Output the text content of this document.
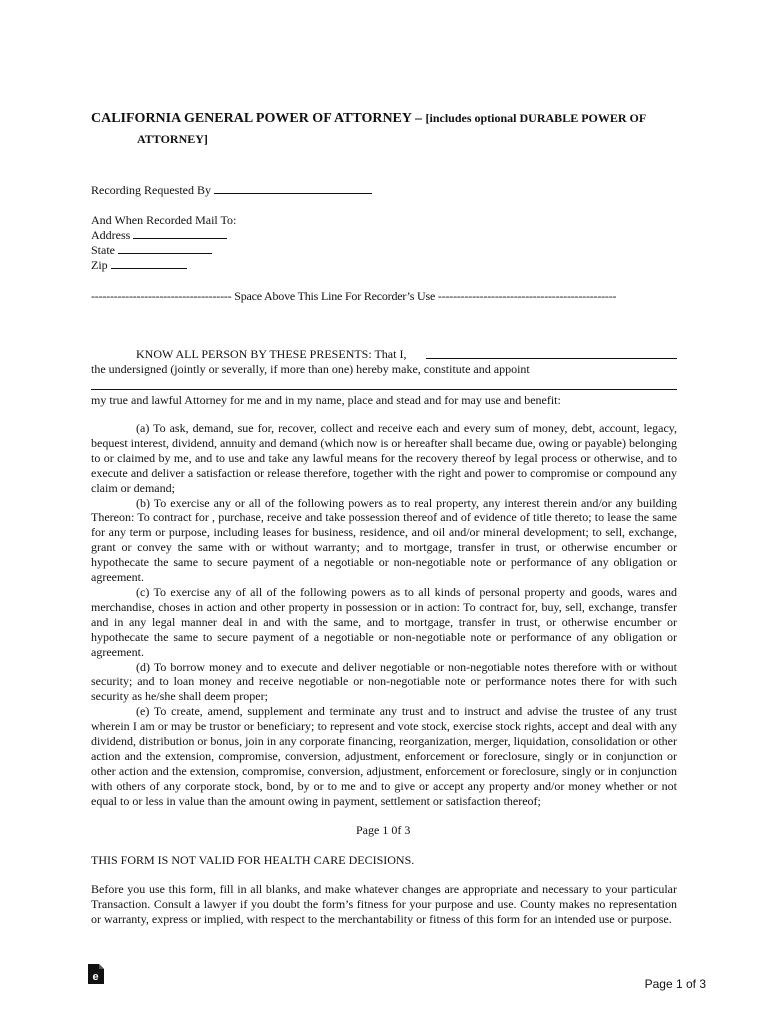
CALIFORNIA GENERAL POWER OF ATTORNEY – [includes optional DURABLE POWER OF
ATTORNEY]
Recording Requested By
And When Recorded Mail To:
Address
State
Zip
------------------------------------- Space Above This Line For Recorder’s Use -----------------------------------------------
KNOW ALL PERSON BY THESE PRESENTS: That I,
the undersigned (jointly or severally, if more than one) hereby make, constitute and appoint
my true and lawful Attorney for me and in my name, place and stead and for may use and benefit:

(a) To ask, demand, sue for, recover, collect and receive each and every sum of money, debt, account, legacy, bequest interest, dividend, annuity and demand (which now is or hereafter shall became due, owing or payable) belonging to or claimed by me, and to use and take any lawful means for the recovery thereof by legal process or otherwise, and to execute and deliver a satisfaction or release therefore, together with the right and power to compromise or compound any claim or demand;

(b) To exercise any or all of the following powers as to real property, any interest therein and/or any building Thereon: To contract for , purchase, receive and take possession thereof and of evidence of title thereto; to lease the same for any term or purpose, including leases for business, residence, and oil and/or mineral development; to sell, exchange, grant or convey the same with or without warranty; and to mortgage, transfer in trust, or otherwise encumber or hypothecate the same to secure payment of a negotiable or non-negotiable note or performance of any obligation or agreement.

(c) To exercise any of all of the following powers as to all kinds of personal property and goods, wares and merchandise, choses in action and other property in possession or in action: To contract for, buy, sell, exchange, transfer and in any legal manner deal in and with the same, and to mortgage, transfer in trust, or otherwise encumber or hypothecate the same to secure payment of a negotiable or non-negotiable note or performance of any obligation or agreement.

(d) To borrow money and to execute and deliver negotiable or non-negotiable notes therefore with or without security; and to loan money and receive negotiable or non-negotiable note or performance notes there for with such security as he/she shall deem proper;

(e) To create, amend, supplement and terminate any trust and to instruct and advise the trustee of any trust wherein I am or may be trustor or beneficiary; to represent and vote stock, exercise stock rights, accept and deal with any dividend, distribution or bonus, join in any corporate financing, reorganization, merger, liquidation, consolidation or other action and the extension, compromise, conversion, adjustment, enforcement or foreclosure, singly or in conjunction or other action and the extension, compromise, conversion, adjustment, enforcement or foreclosure, singly or in conjunction with others of any corporate stock, bond, by or to me and to give or accept any property and/or money whether or not equal to or less in value than the amount owing in payment, settlement or satisfaction thereof;

Page 1 0f 3
THIS FORM IS NOT VALID FOR HEALTH CARE DECISIONS.

Before you use this form, fill in all blanks, and make whatever changes are appropriate and necessary to your particular Transaction. Consult a lawyer if you doubt the form’s fitness for your purpose and use. County makes no representation or warranty, express or implied, with respect to the merchantability or fitness of this form for an intended use or purpose.

e	Page 1 of 3
